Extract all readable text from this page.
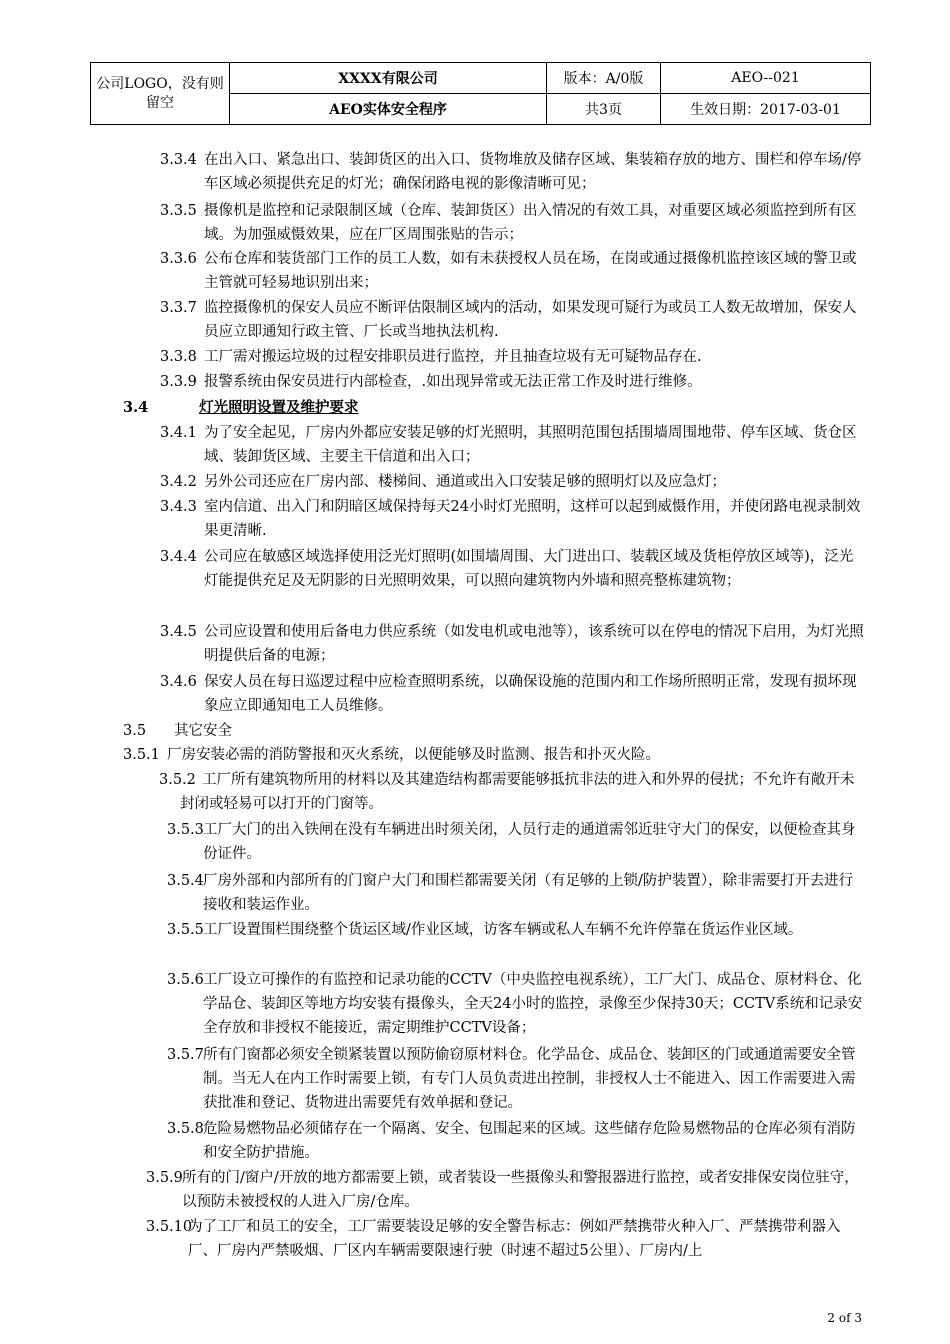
公司LOGO，没有则留空	XXXX有限公司	版本：A/0版	AEO--021
	AEO实体安全程序	共3页	生效日期：2017-03-01
3.3.4 在出入口、紧急出口、装卸货区的出入口、货物堆放及储存区域、集装箱存放的地方、围栏和停车场/停车区域必须提供充足的灯光；确保闭路电视的影像清晰可见；
3.3.5 摄像机是监控和记录限制区域（仓库、装卸货区）出入情况的有效工具，对重要区域必须监控到所有区域。为加强威慑效果，应在厂区周围张贴的告示；
3.3.6 公布仓库和装货部门工作的员工人数，如有未获授权人员在场，在岗或通过摄像机监控该区域的警卫或主管就可轻易地识别出来；
3.3.7 监控摄像机的保安人员应不断评估限制区域内的活动，如果发现可疑行为或员工人数无故增加，保安人员应立即通知行政主管、厂长或当地执法机构.
3.3.8 工厂需对搬运垃圾的过程安排职员进行监控，并且抽查垃圾有无可疑物品存在.
3.3.9 报警系统由保安员进行内部检查，.如出现异常或无法正常工作及时进行维修。
3.4	灯光照明设置及维护要求
3.4.1 为了安全起见，厂房内外都应安装足够的灯光照明，其照明范围包括围墙周围地带、停车区域、货仓区域、装卸货区域、主要主干信道和出入口；
3.4.2 另外公司还应在厂房内部、楼梯间、通道或出入口安装足够的照明灯以及应急灯；
3.4.3 室内信道、出入门和阴暗区域保持每天24小时灯光照明，这样可以起到威慑作用，并使闭路电视录制效果更清晰.
3.4.4 公司应在敏感区域选择使用泛光灯照明(如围墙周围、大门进出口、装载区域及货柜停放区域等)，泛光灯能提供充足及无阴影的日光照明效果，可以照向建筑物内外墙和照亮整栋建筑物；
3.4.5 公司应设置和使用后备电力供应系统（如发电机或电池等），该系统可以在停电的情况下启用，为灯光照明提供后备的电源；
3.4.6 保安人员在每日巡逻过程中应检查照明系统，以确保设施的范围内和工作场所照明正常，发现有损坏现象应立即通知电工人员维修。
3.5 其它安全
3.5.1 厂房安装必需的消防警报和灭火系统，以便能够及时监测、报告和扑灭火险。
3.5.2 工厂所有建筑物所用的材料以及其建造结构都需要能够抵抗非法的进入和外界的侵扰；不允许有敞开未封闭或轻易可以打开的门窗等。
3.5.3 工厂大门的出入铁闸在没有车辆进出时须关闭，人员行走的通道需邻近驻守大门的保安，以便检查其身份证件。
3.5.4 厂房外部和内部所有的门窗户大门和围栏都需要关闭（有足够的上锁/防护装置），除非需要打开去进行接收和装运作业。
3.5.5 工厂设置围栏围绕整个货运区域/作业区域，访客车辆或私人车辆不允许停靠在货运作业区域。
3.5.6 工厂设立可操作的有监控和记录功能的CCTV（中央监控电视系统），工厂大门、成品仓、原材料仓、化学品仓、装卸区等地方均安装有摄像头，全天24小时的监控，录像至少保持30天；CCTV系统和记录安全存放和非授权不能接近，需定期维护CCTV设备；
3.5.7 所有门窗都必须安全锁紧装置以预防偷窃原材料仓。化学品仓、成品仓、装卸区的门或通道需要安全管制。当无人在内工作时需要上锁，有专门人员负责进出控制，非授权人士不能进入、因工作需要进入需获批准和登记、货物进出需要凭有效单据和登记。
3.5.8 危险易燃物品必须储存在一个隔离、安全、包围起来的区域。这些储存危险易燃物品的仓库必须有消防和安全防护措施。
3.5.9 所有的门/窗户/开放的地方都需要上锁，或者装设一些摄像头和警报器进行监控，或者安排保安岗位驻守，以预防未被授权的人进入厂房/仓库。
3.5.10
为了工厂和员工的安全，工厂需要装设足够的安全警告标志：例如严禁携带火种入厂、严禁携带利器入厂、厂房内严禁吸烟、厂区内车辆需要限速行驶（时速不超过5公里）、厂房内/上
2 of 3
